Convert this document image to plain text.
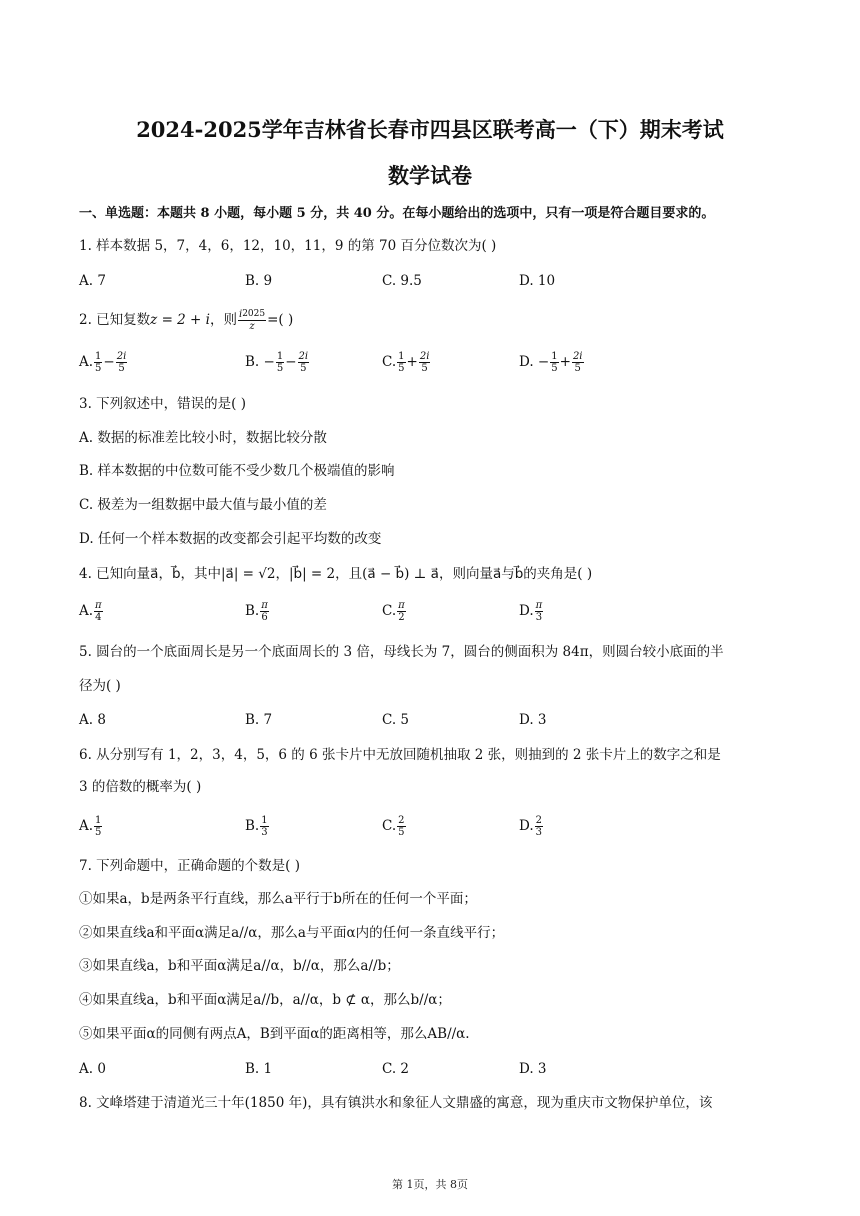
2024-2025学年吉林省长春市四县区联考高一（下）期末考试
数学试卷
一、单选题：本题共 8 小题，每小题 5 分，共 40 分。在每小题给出的选项中，只有一项是符合题目要求的。
1. 样本数据 5，7，4，6，12，10，11，9 的第 70 百分位数次为( )
A. 7	B. 9	C. 9.5	D. 10
2. 已知复数z = 2 + i，则 $\frac{i2025}{z}$ =( )
A. $\frac{1}{5} - \frac{2i}{5}$	B. − $\frac{1}{5} - \frac{2i}{5}$	C. $\frac{1}{5} + \frac{2i}{5}$	D. − $\frac{1}{5} + \frac{2i}{5}$
3. 下列叙述中，错误的是( )
A. 数据的标准差比较小时，数据比较分散
B. 样本数据的中位数可能不受少数几个极端值的影响
C. 极差为一组数据中最大值与最小值的差
D. 任何一个样本数据的改变都会引起平均数的改变
4. 已知向量a⃗，b⃗，其中|a⃗| = √2，|b⃗| = 2，且(a⃗ − b⃗) ⊥ a⃗，则向量a⃗与b⃗的夹角是( )
A. $\frac{\pi}{4}$	B. $\frac{\pi}{6}$	C. $\frac{\pi}{2}$	D. $\frac{\pi}{3}$
5. 圆台的一个底面周长是另一个底面周长的 3 倍，母线长为 7，圆台的侧面积为 84π，则圆台较小底面的半
径为( )
A. 8	B. 7	C. 5	D. 3
6. 从分别写有 1，2，3，4，5，6 的 6 张卡片中无放回随机抽取 2 张，则抽到的 2 张卡片上的数字之和是
3 的倍数的概率为( )
A. $\frac{1}{5}$	B. $\frac{1}{3}$	C. $\frac{2}{5}$	D. $\frac{2}{3}$
7. 下列命题中，正确命题的个数是( )
①如果a，b是两条平行直线，那么a平行于b所在的任何一个平面；
②如果直线a和平面α满足a//α，那么a与平面α内的任何一条直线平行；
③如果直线a，b和平面α满足a//α，b//α，那么a//b；
④如果直线a，b和平面α满足a//b，a//α，b ⊄ α，那么b//α；
⑤如果平面α的同侧有两点A，B到平面α的距离相等，那么AB//α.
A. 0	B. 1	C. 2	D. 3
8. 文峰塔建于清道光三十年(1850 年)，具有镇洪水和象征人文鼎盛的寓意，现为重庆市文物保护单位，该
第 1页，共 8页
